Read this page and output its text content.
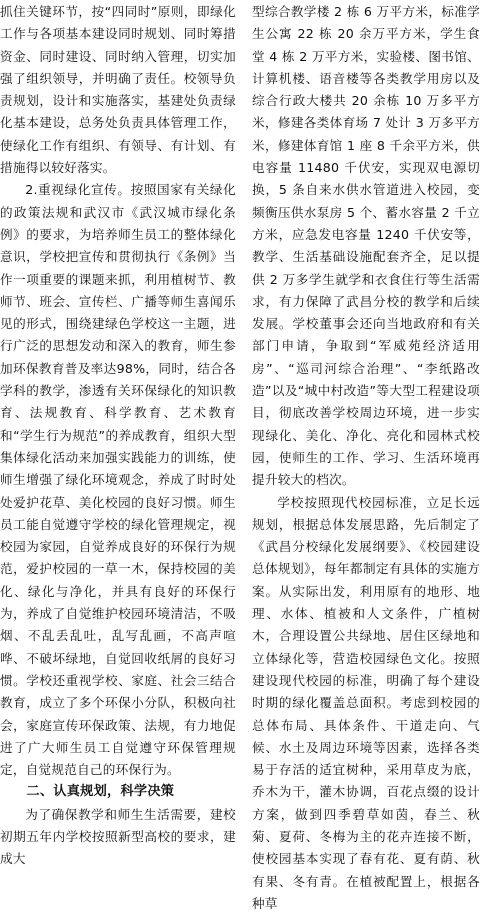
抓住关键环节，按“四同时”原则，即绿化工作与各项基本建设同时规划、同时筹措资金、同时建设、同时纳入管理，切实加强了组织领导，并明确了责任。校领导负责规划，设计和实施落实，基建处负责绿化基本建设，总务处负责具体管理工作，使绿化工作有组织、有领导、有计划、有措施得以较好落实。

2.重视绿化宣传。按照国家有关绿化的政策法规和武汉市《武汉城市绿化条例》的要求，为培养师生员工的整体绿化意识，学校把宣传和贯彻执行《条例》当作一项重要的课题来抓，利用植树节、教师节、班会、宣传栏、广播等师生喜闻乐见的形式，围绕建绿色学校这一主题，进行广泛的思想发动和深入的教育，师生参加环保教育普及率达98%，同时，结合各学科的教学，渗透有关环保绿化的知识教育、法规教育、科学教育、艺术教育和“学生行为规范”的养成教育，组织大型集体绿化活动来加强实践能力的训练，使师生增强了绿化环境观念，养成了时时处处爱护花草、美化校园的良好习惯。师生员工能自觉遵守学校的绿化管理规定，视校园为家园，自觉养成良好的环保行为规范，爱护校园的一草一木，保持校园的美化、绿化与净化，并具有良好的环保行为，养成了自觉维护校园环境清洁，不吸烟、不乱丢乱吐，乱写乱画，不高声喧哗、不破坏绿地，自觉回收纸屑的良好习惯。学校还重视学校、家庭、社会三结合教育，成立了多个环保小分队，积极向社会，家庭宣传环保政策、法规，有力地促进了广大师生员工自觉遵守环保管理规定，自觉规范自己的环保行为。

二、认真规划，科学决策

为了确保教学和师生生活需要，建校初期五年内学校按照新型高校的要求，建成大

型综合教学楼 2 栋 6 万平方米，标准学生公寓 22 栋 20 余万平方米，学生食堂 4 栋 2 万平方米，实验楼、图书馆、计算机楼、语音楼等各类教学用房以及综合行政大楼共 20 余栋 10 万多平方米，修建各类体育场 7 处计 3 万多平方米，修建体育馆 1 座 8 千余平方米，供电容量 11480 千伏安，实现双电源切换，5 条自来水供水管道进入校园，变频衡压供水泵房 5 个、蓄水容量 2 千立方米，应急发电容量 1240 千伏安等，教学、生活基础设施配套齐全，足以提供 2 万多学生就学和衣食住行等生活需求，有力保障了武昌分校的教学和后续发展。学校董事会还向当地政府和有关部门申请，争取到“军威苑经济适用房”、“巡司河综合治理”、“李纸路改造”以及“城中村改造”等大型工程建设项目，彻底改善学校周边环境，进一步实现绿化、美化、净化、亮化和园林式校园，使师生的工作、学习、生活环境再提升较大的档次。

学校按照现代校园标准，立足长远规划，根据总体发展思路，先后制定了《武昌分校绿化发展纲要》、《校园建设总体规划》，每年都制定有具体的实施方案。从实际出发，利用原有的地形、地理、水体、植被和人文条件，广植树木，合理设置公共绿地、居住区绿地和立体绿化等，营造校园绿色文化。按照建设现代校园的标准，明确了每个建设时期的绿化覆盖总面积。考虑到校园的总体布局、具体条件、干道走向、气候、水土及周边环境等因素，选择各类易于存活的适宜树种，采用草皮为底，乔木为干，灌木协调，百花点缀的设计方案，做到四季碧草如茵，春兰、秋菊、夏荷、冬梅为主的花卉连接不断，使校园基本实现了春有花、夏有荫、秋有果、冬有青。在植被配置上，根据各种草
